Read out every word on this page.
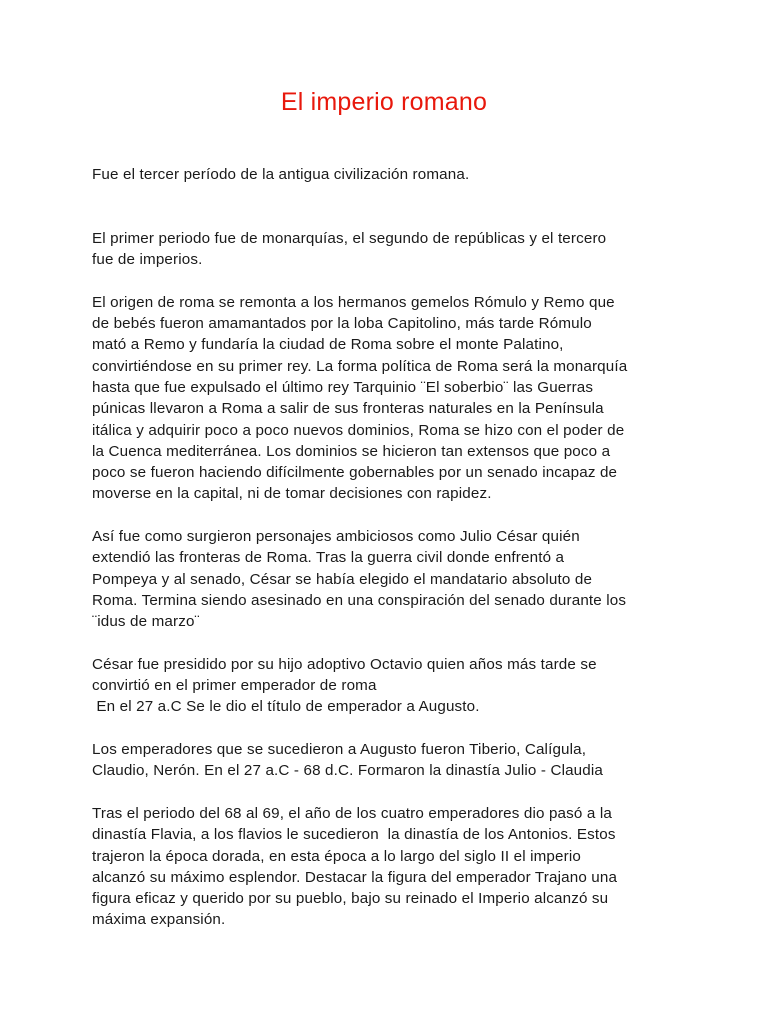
El imperio romano
Fue el tercer período de la antigua civilización romana.

El primer periodo fue de monarquías, el segundo de repúblicas y el tercero
fue de imperios.

El origen de roma se remonta a los hermanos gemelos Rómulo y Remo que
de bebés fueron amamantados por la loba Capitolino, más tarde Rómulo
mató a Remo y fundaría la ciudad de Roma sobre el monte Palatino,
convirtiéndose en su primer rey. La forma política de Roma será la monarquía
hasta que fue expulsado el último rey Tarquinio ¨El soberbio¨ las Guerras
púnicas llevaron a Roma a salir de sus fronteras naturales en la Península
itálica y adquirir poco a poco nuevos dominios, Roma se hizo con el poder de
la Cuenca mediterránea. Los dominios se hicieron tan extensos que poco a
poco se fueron haciendo difícilmente gobernables por un senado incapaz de
moverse en la capital, ni de tomar decisiones con rapidez.

Así fue como surgieron personajes ambiciosos como Julio César quién
extendió las fronteras de Roma. Tras la guerra civil donde enfrentó a
Pompeya y al senado, César se había elegido el mandatario absoluto de
Roma. Termina siendo asesinado en una conspiración del senado durante los
¨idus de marzo¨

César fue presidido por su hijo adoptivo Octavio quien años más tarde se
convirtió en el primer emperador de roma
En el 27 a.C Se le dio el título de emperador a Augusto.

Los emperadores que se sucedieron a Augusto fueron Tiberio, Calígula,
Claudio, Nerón. En el 27 a.C - 68 d.C. Formaron la dinastía Julio - Claudia

Tras el periodo del 68 al 69, el año de los cuatro emperadores dio pasó a la
dinastía Flavia, a los flavios le sucedieron  la dinastía de los Antonios. Estos
trajeron la época dorada, en esta época a lo largo del siglo II el imperio
alcanzó su máximo esplendor. Destacar la figura del emperador Trajano una
figura eficaz y querido por su pueblo, bajo su reinado el Imperio alcanzó su
máxima expansión.
